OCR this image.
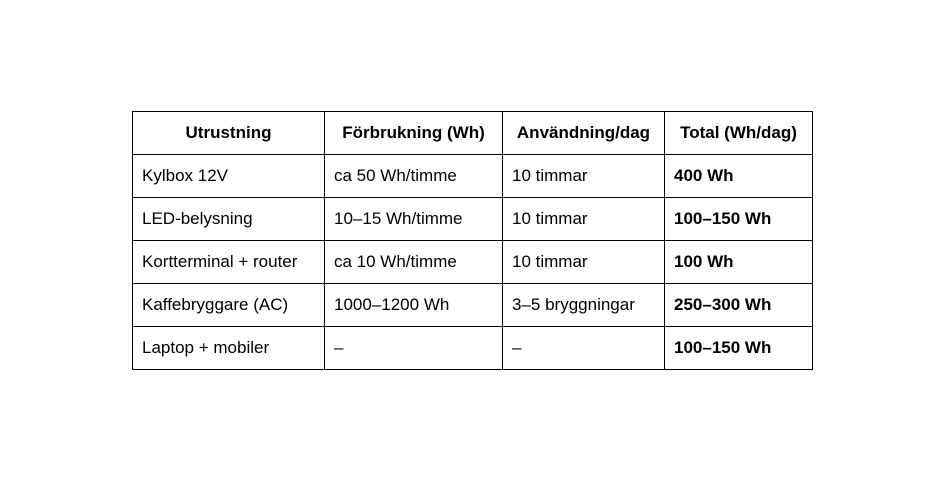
Utrustning	Förbrukning (Wh)	Användning/dag	Total (Wh/dag)
Kylbox 12V	ca 50 Wh/timme	10 timmar	400 Wh
LED-belysning	10–15 Wh/timme	10 timmar	100–150 Wh
Kortterminal + router	ca 10 Wh/timme	10 timmar	100 Wh
Kaffebryggare (AC)	1000–1200 Wh	3–5 bryggningar	250–300 Wh
Laptop + mobiler	–	–	100–150 Wh
